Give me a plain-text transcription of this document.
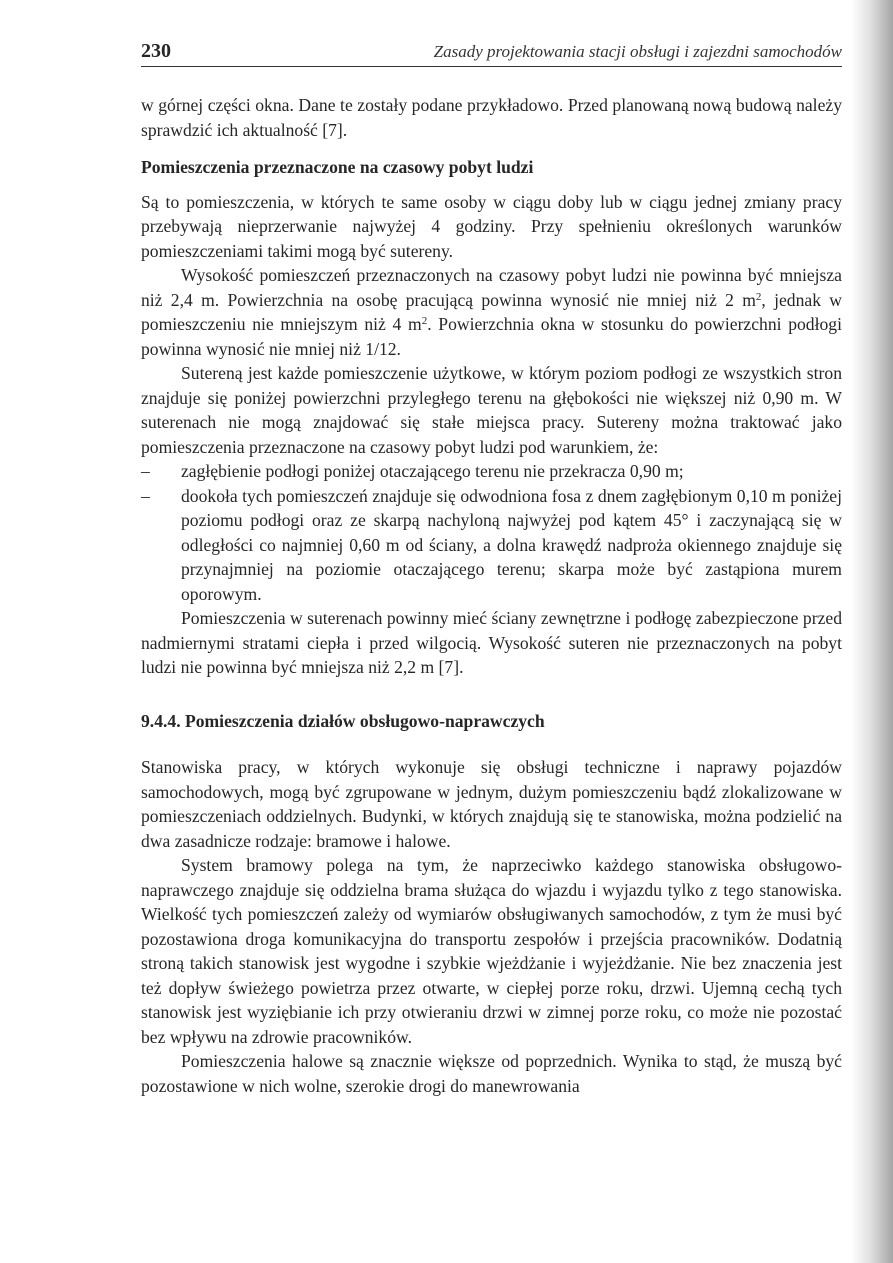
230	Zasady projektowania stacji obsługi i zajezdni samochodów

w górnej części okna. Dane te zostały podane przykładowo. Przed planowaną nową budową należy sprawdzić ich aktualność [7].

Pomieszczenia przeznaczone na czasowy pobyt ludzi

Są to pomieszczenia, w których te same osoby w ciągu doby lub w ciągu jednej zmiany pracy przebywają nieprzerwanie najwyżej 4 godziny. Przy spełnieniu określonych warunków pomieszczeniami takimi mogą być sutereny.

Wysokość pomieszczeń przeznaczonych na czasowy pobyt ludzi nie powinna być mniejsza niż 2,4 m. Powierzchnia na osobę pracującą powinna wynosić nie mniej niż 2 $m^2$, jednak w pomieszczeniu nie mniejszym niż 4 $m^2$. Powierzchnia okna w stosunku do powierzchni podłogi powinna wynosić nie mniej niż 1/12.

Sutereną jest każde pomieszczenie użytkowe, w którym poziom podłogi ze wszystkich stron znajduje się poniżej powierzchni przyległego terenu na głębokości nie większej niż 0,90 m. W suterenach nie mogą znajdować się stałe miejsca pracy. Sutereny można traktować jako pomieszczenia przeznaczone na czasowy pobyt ludzi pod warunkiem, że:

– zagłębienie podłogi poniżej otaczającego terenu nie przekracza 0,90 m;
– dookoła tych pomieszczeń znajduje się odwodniona fosa z dnem zagłębionym 0,10 m poniżej poziomu podłogi oraz ze skarpą nachyloną najwyżej pod kątem 45° i zaczynającą się w odległości co najmniej 0,60 m od ściany, a dolna krawędź nadproża okiennego znajduje się przynajmniej na poziomie otaczającego terenu; skarpa może być zastąpiona murem oporowym.

Pomieszczenia w suterenach powinny mieć ściany zewnętrzne i podłogę zabezpieczone przed nadmiernymi stratami ciepła i przed wilgocią. Wysokość suteren nie przeznaczonych na pobyt ludzi nie powinna być mniejsza niż 2,2 m [7].

9.4.4. Pomieszczenia działów obsługowo-naprawczych

Stanowiska pracy, w których wykonuje się obsługi techniczne i naprawy pojazdów samochodowych, mogą być zgrupowane w jednym, dużym pomieszczeniu bądź zlokalizowane w pomieszczeniach oddzielnych. Budynki, w których znajdują się te stanowiska, można podzielić na dwa zasadnicze rodzaje: bramowe i halowe.

System bramowy polega na tym, że naprzeciwko każdego stanowiska obsługowo-naprawczego znajduje się oddzielna brama służąca do wjazdu i wyjazdu tylko z tego stanowiska. Wielkość tych pomieszczeń zależy od wymiarów obsługiwanych samochodów, z tym że musi być pozostawiona droga komunikacyjna do transportu zespołów i przejścia pracowników. Dodatnią stroną takich stanowisk jest wygodne i szybkie wjeżdżanie i wyjeżdżanie. Nie bez znaczenia jest też dopływ świeżego powietrza przez otwarte, w ciepłej porze roku, drzwi. Ujemną cechą tych stanowisk jest wyziębianie ich przy otwieraniu drzwi w zimnej porze roku, co może nie pozostać bez wpływu na zdrowie pracowników.

Pomieszczenia halowe są znacznie większe od poprzednich. Wynika to stąd, że muszą być pozostawione w nich wolne, szerokie drogi do manewrowania
